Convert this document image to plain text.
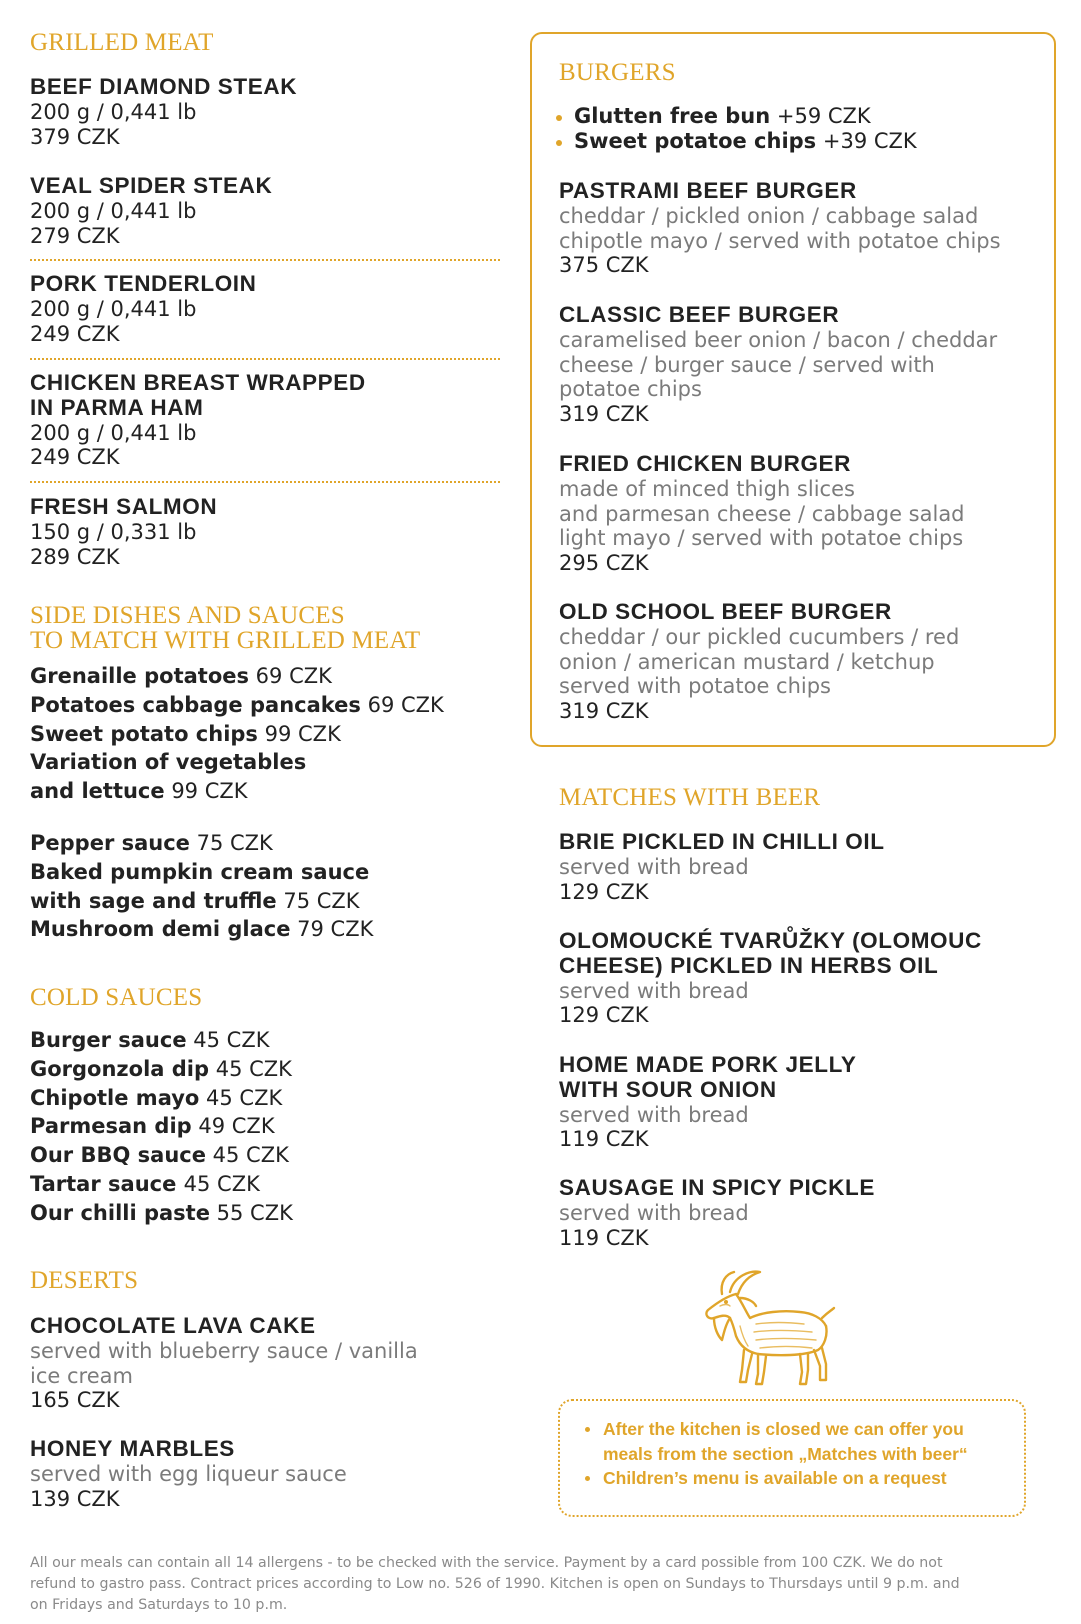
GRILLED MEAT
BEEF DIAMOND STEAK
200 g / 0,441 lb
379 CZK
VEAL SPIDER STEAK
200 g / 0,441 lb
279 CZK
PORK TENDERLOIN
200 g / 0,441 lb
249 CZK
CHICKEN BREAST WRAPPED
IN PARMA HAM
200 g / 0,441 lb
249 CZK
FRESH SALMON
150 g / 0,331 lb
289 CZK
SIDE DISHES AND SAUCES
TO MATCH WITH GRILLED MEAT
Grenaille potatoes 69 CZK
Potatoes cabbage pancakes 69 CZK
Sweet potato chips 99 CZK
Variation of vegetables
and lettuce 99 CZK
Pepper sauce 75 CZK
Baked pumpkin cream sauce
with sage and truffle 75 CZK
Mushroom demi glace 79 CZK
COLD SAUCES
Burger sauce 45 CZK
Gorgonzola dip 45 CZK
Chipotle mayo 45 CZK
Parmesan dip 49 CZK
Our BBQ sauce 45 CZK
Tartar sauce 45 CZK
Our chilli paste 55 CZK
DESERTS
CHOCOLATE LAVA CAKE
served with blueberry sauce / vanilla
ice cream
165 CZK
HONEY MARBLES
served with egg liqueur sauce
139 CZK
BURGERS
Glutten free bun +59 CZK
Sweet potatoe chips +39 CZK
PASTRAMI BEEF BURGER
cheddar / pickled onion / cabbage salad
chipotle mayo / served with potatoe chips
375 CZK
CLASSIC BEEF BURGER
caramelised beer onion / bacon / cheddar
cheese / burger sauce / served with
potatoe chips
319 CZK
FRIED CHICKEN BURGER
made of minced thigh slices
and parmesan cheese / cabbage salad
light mayo / served with potatoe chips
295 CZK
OLD SCHOOL BEEF BURGER
cheddar / our pickled cucumbers / red
onion / american mustard / ketchup
served with potatoe chips
319 CZK
MATCHES WITH BEER
BRIE PICKLED IN CHILLI OIL
served with bread
129 CZK
OLOMOUCKÉ TVARŮŽKY (OLOMOUC
CHEESE) PICKLED IN HERBS OIL
served with bread
129 CZK
HOME MADE PORK JELLY
WITH SOUR ONION
served with bread
119 CZK
SAUSAGE IN SPICY PICKLE
served with bread
119 CZK
After the kitchen is closed we can offer you
meals from the section „Matches with beer“
Children’s menu is available on a request
All our meals can contain all 14 allergens - to be checked with the service. Payment by a card possible from 100 CZK. We do not
refund to gastro pass. Contract prices according to Low no. 526 of 1990. Kitchen is open on Sundays to Thursdays until 9 p.m. and
on Fridays and Saturdays to 10 p.m.
